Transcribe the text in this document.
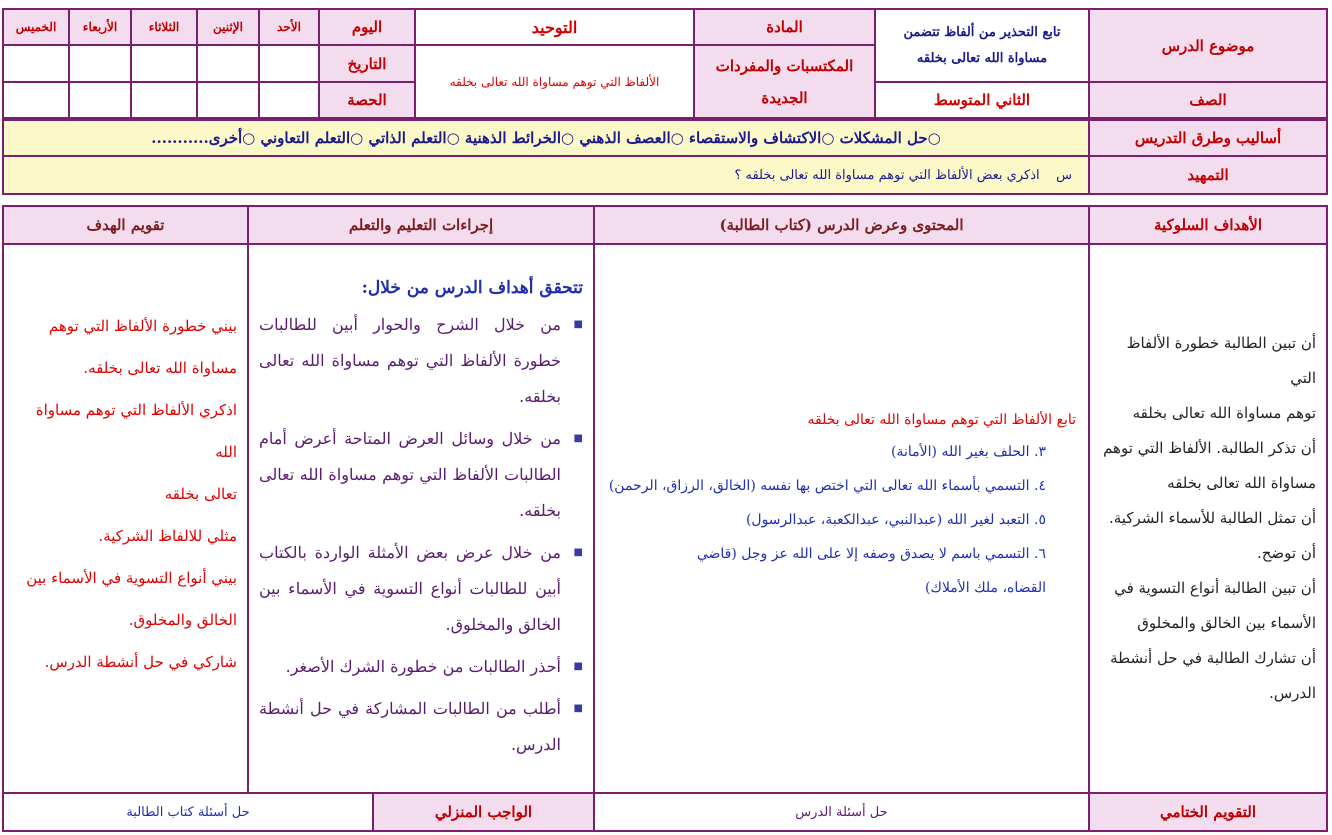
موضوع الدرس
تابع التحذير من ألفاظ تتضمن مساواة الله تعالى بخلقه
المادة
التوحيد
المكتسبات والمفردات الجديدة
الألفاظ التي توهم مساواة الله تعالى بخلقه
الصف
الثاني المتوسط
اليوم
التاريخ
الحصة
الأحد
الإثنين
الثلاثاء
الأربعاء
الخميس
أساليب وطرق التدريس
○حل المشكلات ○الاكتشاف والاستقصاء ○العصف الذهني ○الخرائط الذهنية ○التعلم الذاتي ○التعلم التعاوني ○أخرى...........
التمهيد
س    اذكري بعض الألفاظ التي توهم مساواة الله تعالى بخلقه ؟
الأهداف السلوكية
المحتوى وعرض الدرس (كتاب الطالبة)
إجراءات التعليم والتعلم
تقويم الهدف
أن تبين الطالبة خطورة الألفاظ التي
توهم مساواة الله تعالى بخلقه
أن تذكر الطالبة. الألفاظ التي توهم
مساواة الله تعالى بخلقه
أن تمثل الطالبة للأسماء الشركية.
أن توضح.
أن تبين الطالبة أنواع التسوية في
الأسماء بين الخالق والمخلوق
أن تشارك الطالبة في حل أنشطة
الدرس.
تابع الألفاظ التي توهم مساواة الله تعالى بخلقه
٣. الحلف بغير الله (الأمانة)
٤. التسمي بأسماء الله تعالى التي اختص بها نفسه (الخالق، الرزاق، الرحمن)
٥. التعبد لغير الله (عبدالنبي، عبدالكعبة، عبدالرسول)
٦. التسمي باسم لا يصدق وصفه إلا على الله عز وجل (قاضي القضاه، ملك الأملاك)
تتحقق أهداف الدرس من خلال:
■ من خلال الشرح والحوار أبين للطالبات خطورة الألفاظ التي توهم مساواة الله تعالى بخلقه.
■ من خلال وسائل العرض المتاحة أعرض أمام الطالبات الألفاظ التي توهم مساواة الله تعالى بخلقه.
■ من خلال عرض بعض الأمثلة الواردة بالكتاب أبين للطالبات أنواع التسوية في الأسماء بين الخالق والمخلوق.
■ أحذر الطالبات من خطورة الشرك الأصغر.
■ أطلب من الطالبات المشاركة في حل أنشطة الدرس.
بيني خطورة الألفاظ التي توهم
مساواة الله تعالى بخلقه.
اذكري الألفاظ التي توهم مساواة الله
تعالى بخلقه
مثلي للالفاظ الشركية.
بيني أنواع التسوية في الأسماء بين
الخالق والمخلوق.
شاركي في حل أنشطة الدرس.
التقويم الختامي
حل أسئلة الدرس
الواجب المنزلي
حل أسئلة كتاب الطالبة
